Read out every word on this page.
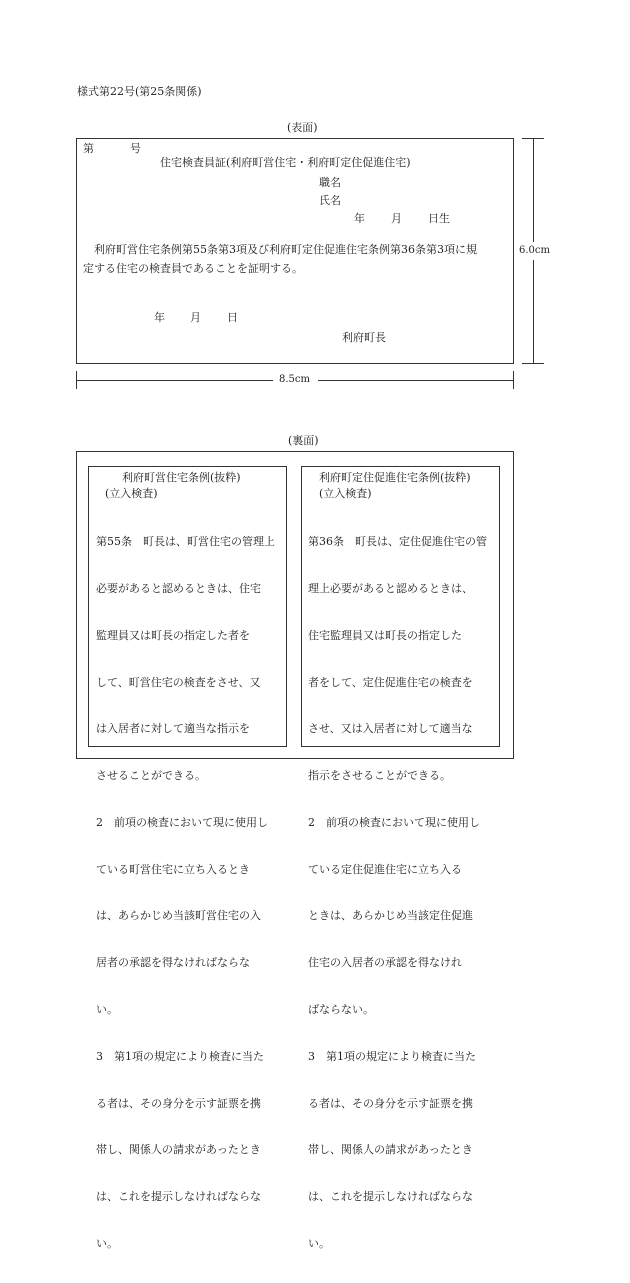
様式第22号(第25条関係)
(表面)
第	号
住宅検査員証(利府町営住宅・利府町定住促進住宅)
職名
氏名
年 月 日生
利府町営住宅条例第55条第3項及び利府町定住促進住宅条例第36条第3項に規
定する住宅の検査員であることを証明する。
年 月 日
利府町長
6.0cm
8.5cm
(裏面)
利府町営住宅条例(抜粋)
(立入検査)

第55条　町長は、町営住宅の管理上

必要があると認めるときは、住宅

監理員又は町長の指定した者を

して、町営住宅の検査をさせ、又

は入居者に対して適当な指示を

させることができる。

2　前項の検査において現に使用し

ている町営住宅に立ち入るとき

は、あらかじめ当該町営住宅の入

居者の承認を得なければならな

い。

3　第1項の規定により検査に当た

る者は、その身分を示す証票を携

帯し、関係人の請求があったとき

は、これを提示しなければならな

い。

利府町定住促進住宅条例(抜粋)
(立入検査)

第36条　町長は、定住促進住宅の管

理上必要があると認めるときは、

住宅監理員又は町長の指定した

者をして、定住促進住宅の検査を

させ、又は入居者に対して適当な

指示をさせることができる。

2　前項の検査において現に使用し

ている定住促進住宅に立ち入る

ときは、あらかじめ当該定住促進

住宅の入居者の承認を得なけれ

ばならない。

3　第1項の規定により検査に当た

る者は、その身分を示す証票を携

帯し、関係人の請求があったとき

は、これを提示しなければならな

い。
